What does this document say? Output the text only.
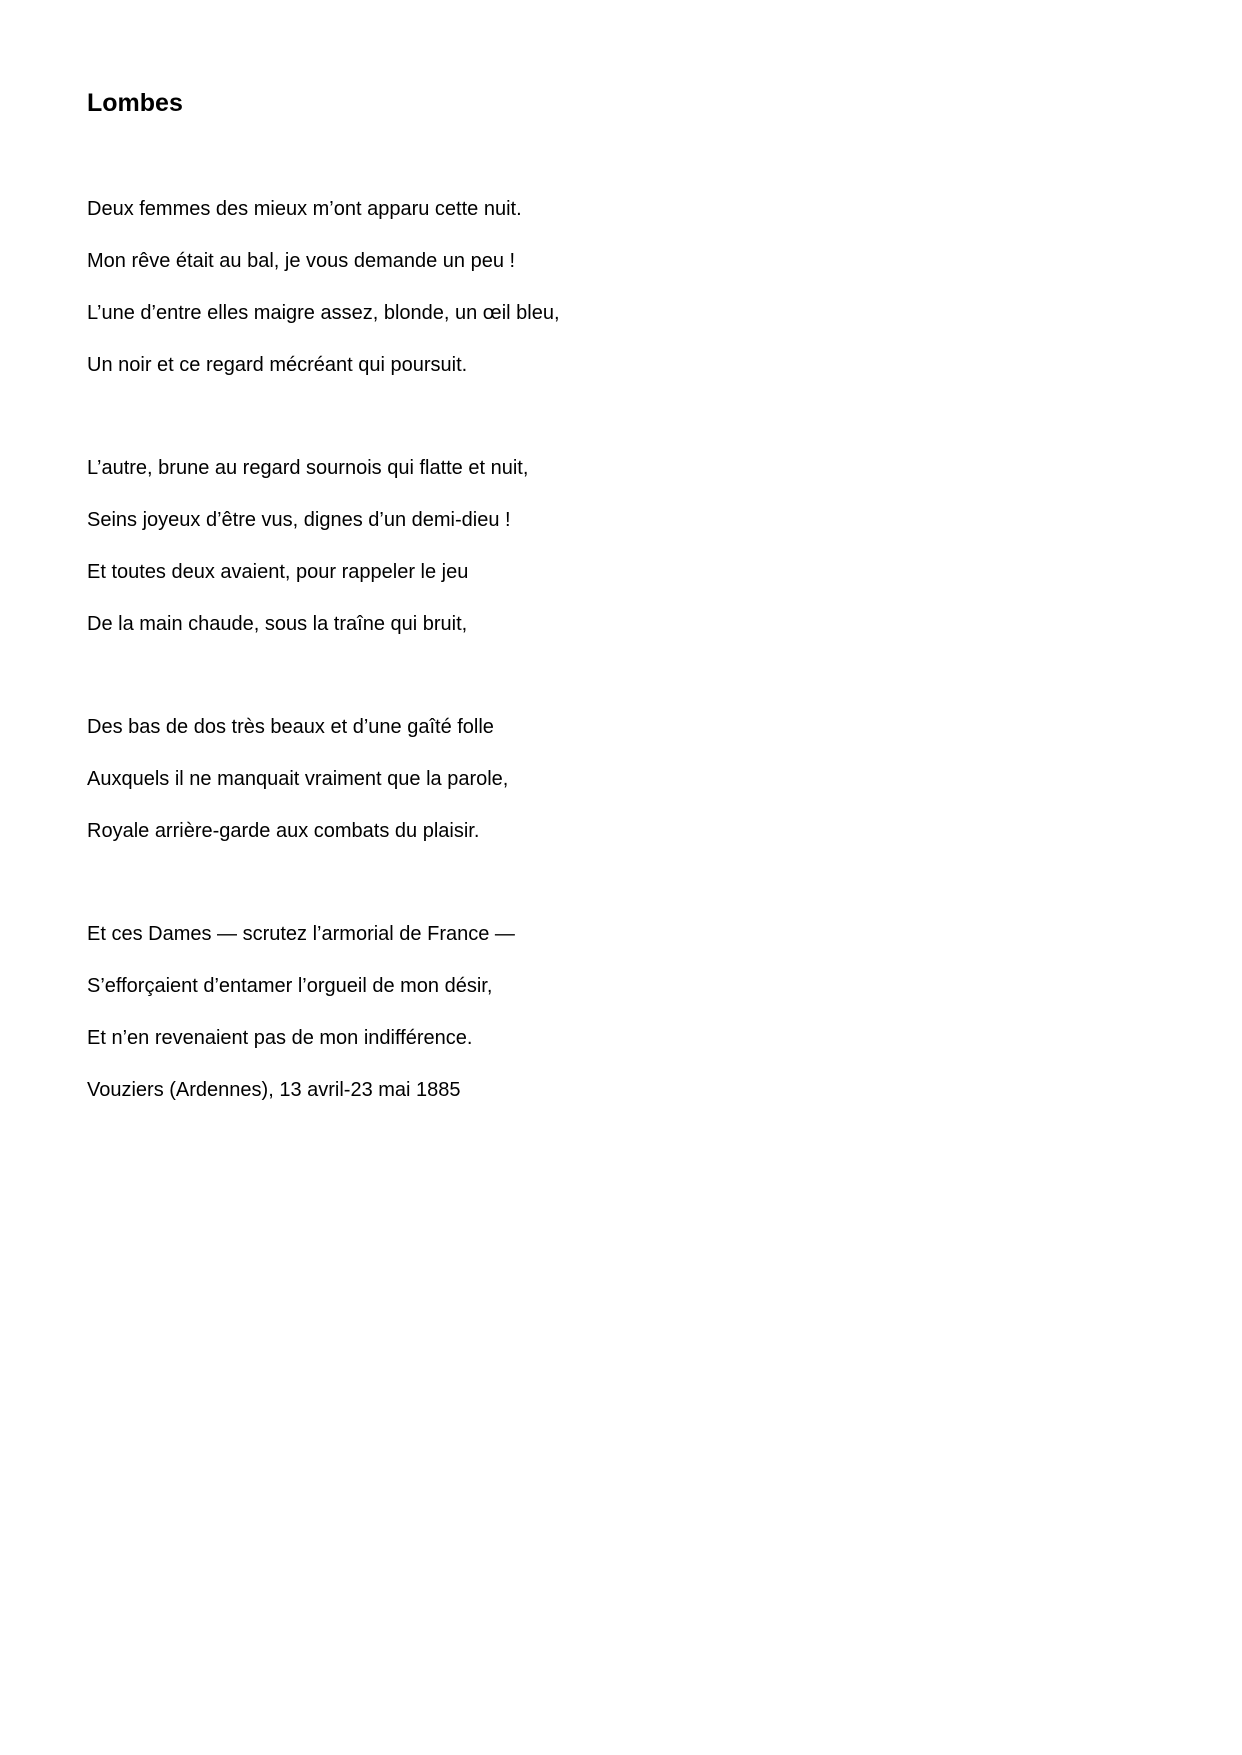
Lombes

Deux femmes des mieux m’ont apparu cette nuit.

Mon rêve était au bal, je vous demande un peu !

L’une d’entre elles maigre assez, blonde, un œil bleu,

Un noir et ce regard mécréant qui poursuit.

L’autre, brune au regard sournois qui flatte et nuit,

Seins joyeux d’être vus, dignes d’un demi-dieu !

Et toutes deux avaient, pour rappeler le jeu

De la main chaude, sous la traîne qui bruit,

Des bas de dos très beaux et d’une gaîté folle

Auxquels il ne manquait vraiment que la parole,

Royale arrière-garde aux combats du plaisir.

Et ces Dames — scrutez l’armorial de France —

S’efforçaient d’entamer l’orgueil de mon désir,

Et n’en revenaient pas de mon indifférence.

Vouziers (Ardennes), 13 avril-23 mai 1885
